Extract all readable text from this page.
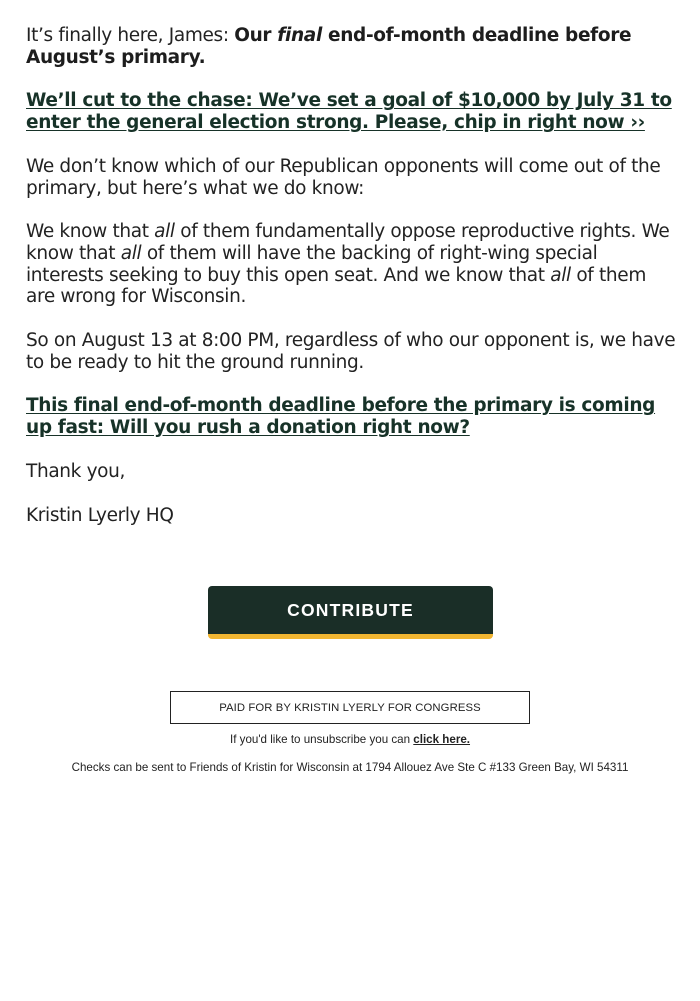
It’s finally here, James: Our final end-of-month deadline before August’s primary.

We’ll cut to the chase: We’ve set a goal of $10,000 by July 31 to enter the general election strong. Please, chip in right now ››

We don’t know which of our Republican opponents will come out of the primary, but here’s what we do know:

We know that all of them fundamentally oppose reproductive rights. We know that all of them will have the backing of right-wing special interests seeking to buy this open seat. And we know that all of them are wrong for Wisconsin.

So on August 13 at 8:00 PM, regardless of who our opponent is, we have to be ready to hit the ground running.

This final end-of-month deadline before the primary is coming up fast: Will you rush a donation right now?

Thank you,

Kristin Lyerly HQ

CONTRIBUTE
PAID FOR BY KRISTIN LYERLY FOR CONGRESS
If you'd like to unsubscribe you can click here.
Checks can be sent to Friends of Kristin for Wisconsin at 1794 Allouez Ave Ste C #133 Green Bay, WI 54311
